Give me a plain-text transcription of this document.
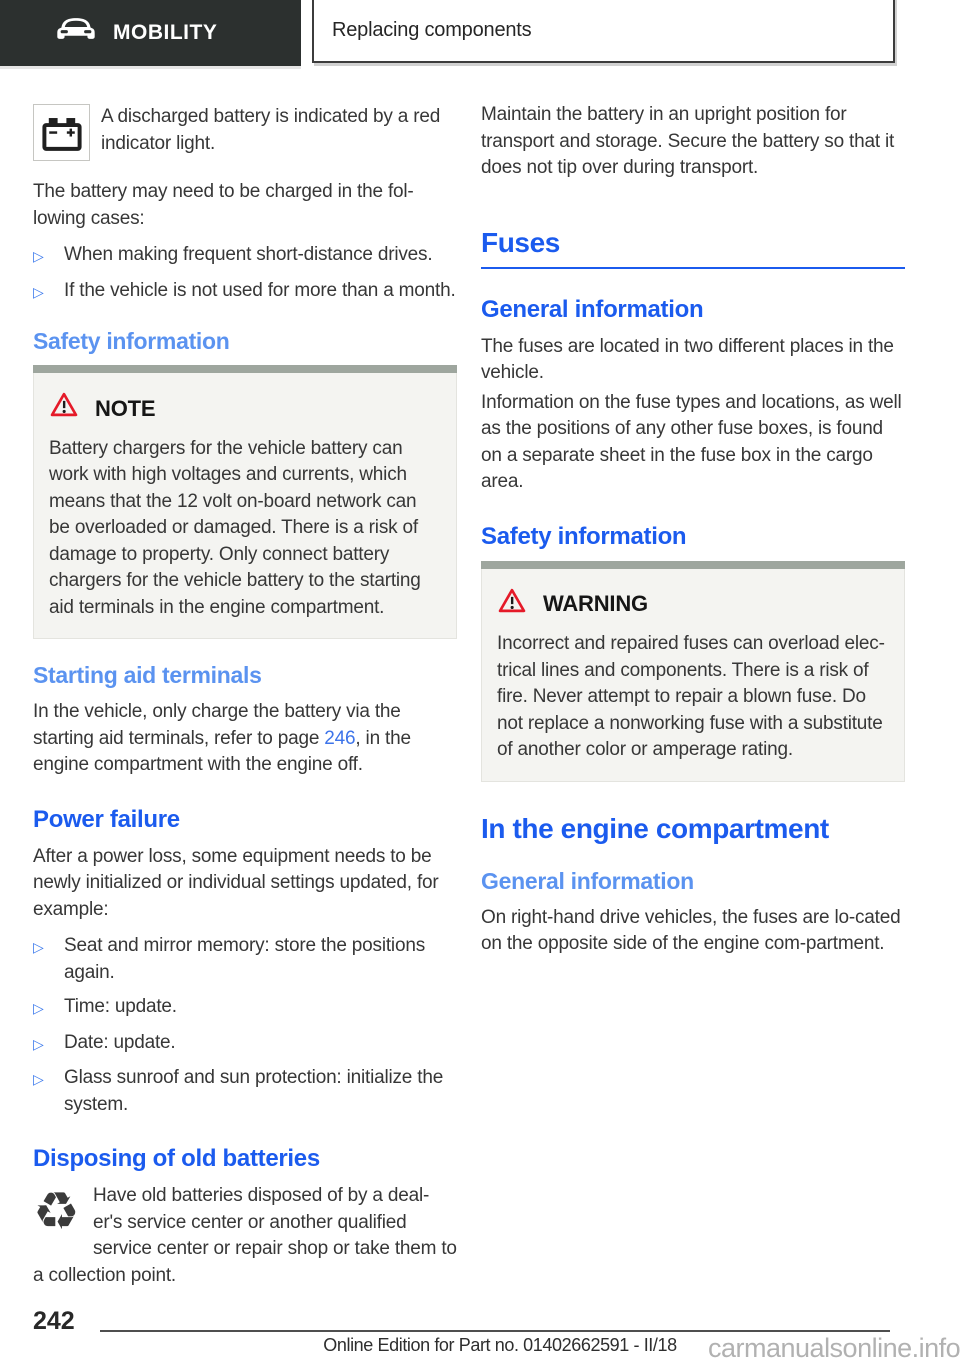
MOBILITY	Replacing components
A discharged battery is indicated by a red indicator light.

The battery may need to be charged in the fol-lowing cases:

▷	When making frequent short-distance drives.
▷	If the vehicle is not used for more than a month.
Safety information
NOTE
Battery chargers for the vehicle battery can work with high voltages and currents, which means that the 12 volt on-board network can be overloaded or damaged. There is a risk of damage to property. Only connect battery chargers for the vehicle battery to the starting aid terminals in the engine compartment.
Starting aid terminals

In the vehicle, only charge the battery via the starting aid terminals, refer to page 246, in the engine compartment with the engine off.

Power failure

After a power loss, some equipment needs to be newly initialized or individual settings updated, for example:

▷	Seat and mirror memory: store the positions again.
▷	Time: update.
▷	Date: update.
▷	Glass sunroof and sun protection: initialize the system.
Disposing of old batteries
♻ Have old batteries disposed of by a deal-er's service center or another qualified service center or repair shop or take them to a collection point.

Maintain the battery in an upright position for transport and storage. Secure the battery so that it does not tip over during transport.

Fuses
General information

The fuses are located in two different places in the vehicle.

Information on the fuse types and locations, as well as the positions of any other fuse boxes, is found on a separate sheet in the fuse box in the cargo area.

Safety information
WARNING
Incorrect and repaired fuses can overload elec-trical lines and components. There is a risk of fire. Never attempt to repair a blown fuse. Do not replace a nonworking fuse with a substitute of another color or amperage rating.
In the engine compartment
General information

On right-hand drive vehicles, the fuses are lo-cated on the opposite side of the engine com-partment.

242
Online Edition for Part no. 01402662591 - II/18	carmanualsonline.info
